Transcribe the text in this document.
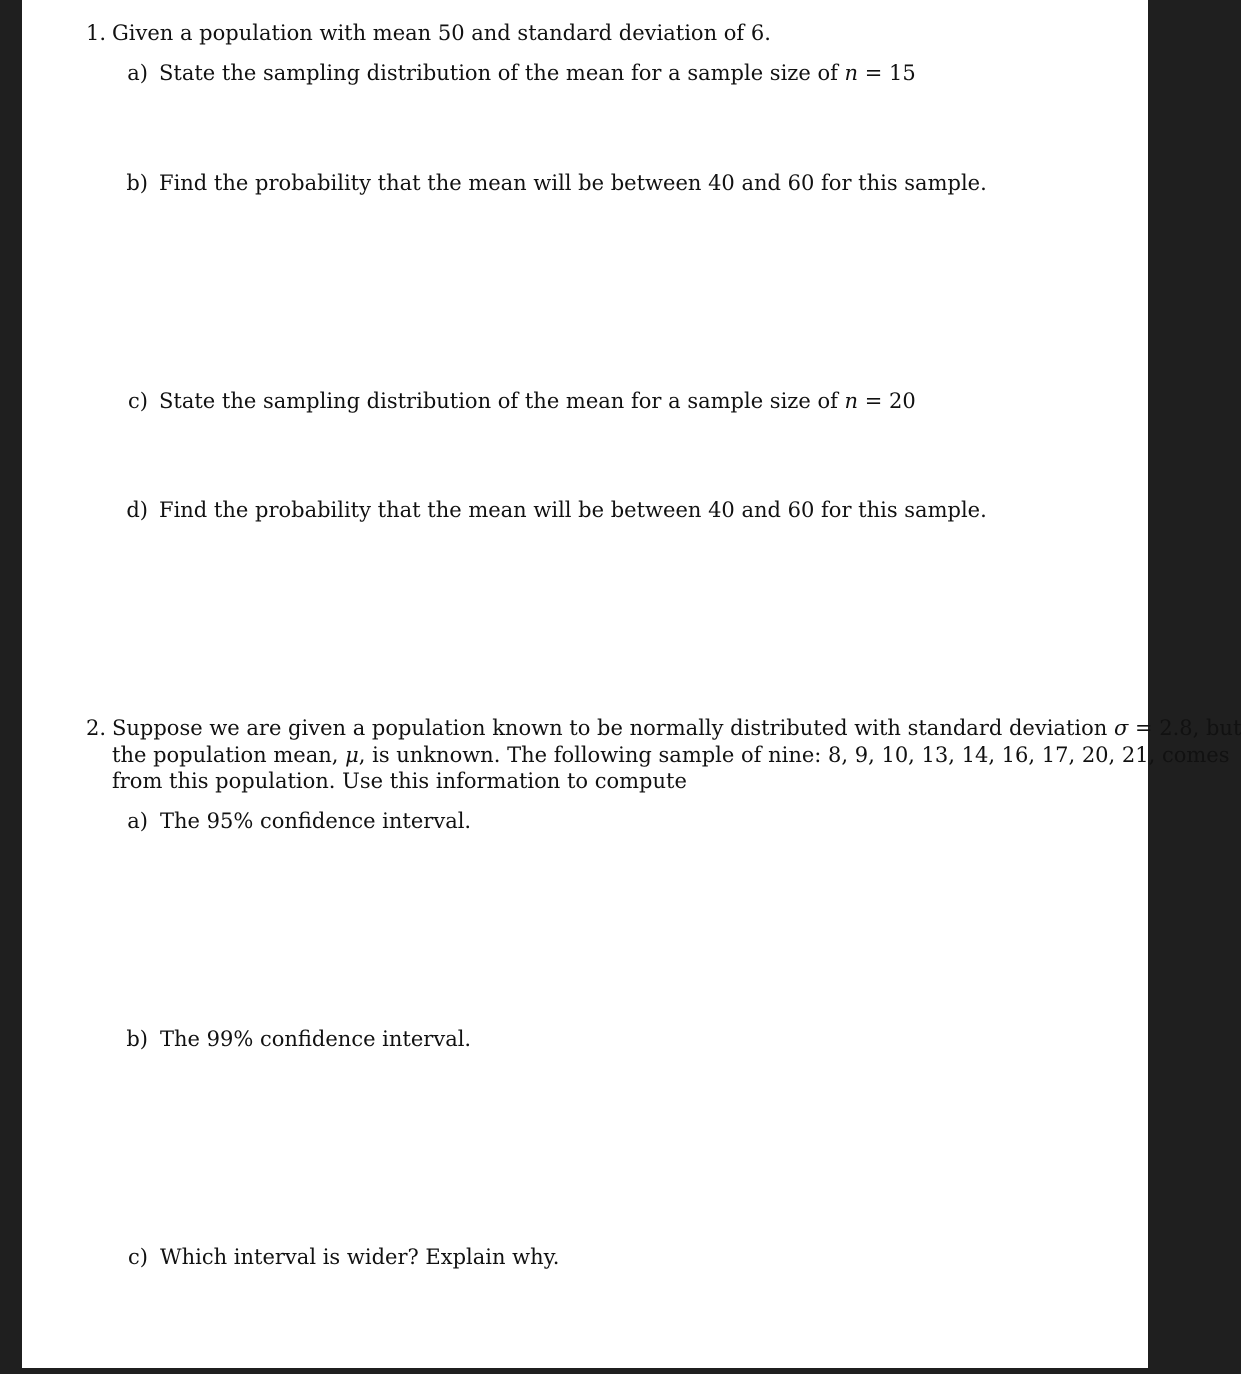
1. Given a population with mean 50 and standard deviation of 6.
a) State the sampling distribution of the mean for a sample size of n = 15
b) Find the probability that the mean will be between 40 and 60 for this sample.
c) State the sampling distribution of the mean for a sample size of n = 20
d) Find the probability that the mean will be between 40 and 60 for this sample.
2. Suppose we are given a population known to be normally distributed with standard deviation σ = 2.8, but
the population mean, μ, is unknown. The following sample of nine: 8, 9, 10, 13, 14, 16, 17, 20, 21, comes
from this population. Use this information to compute
a) The 95% confidence interval.
b) The 99% confidence interval.
c) Which interval is wider? Explain why.
